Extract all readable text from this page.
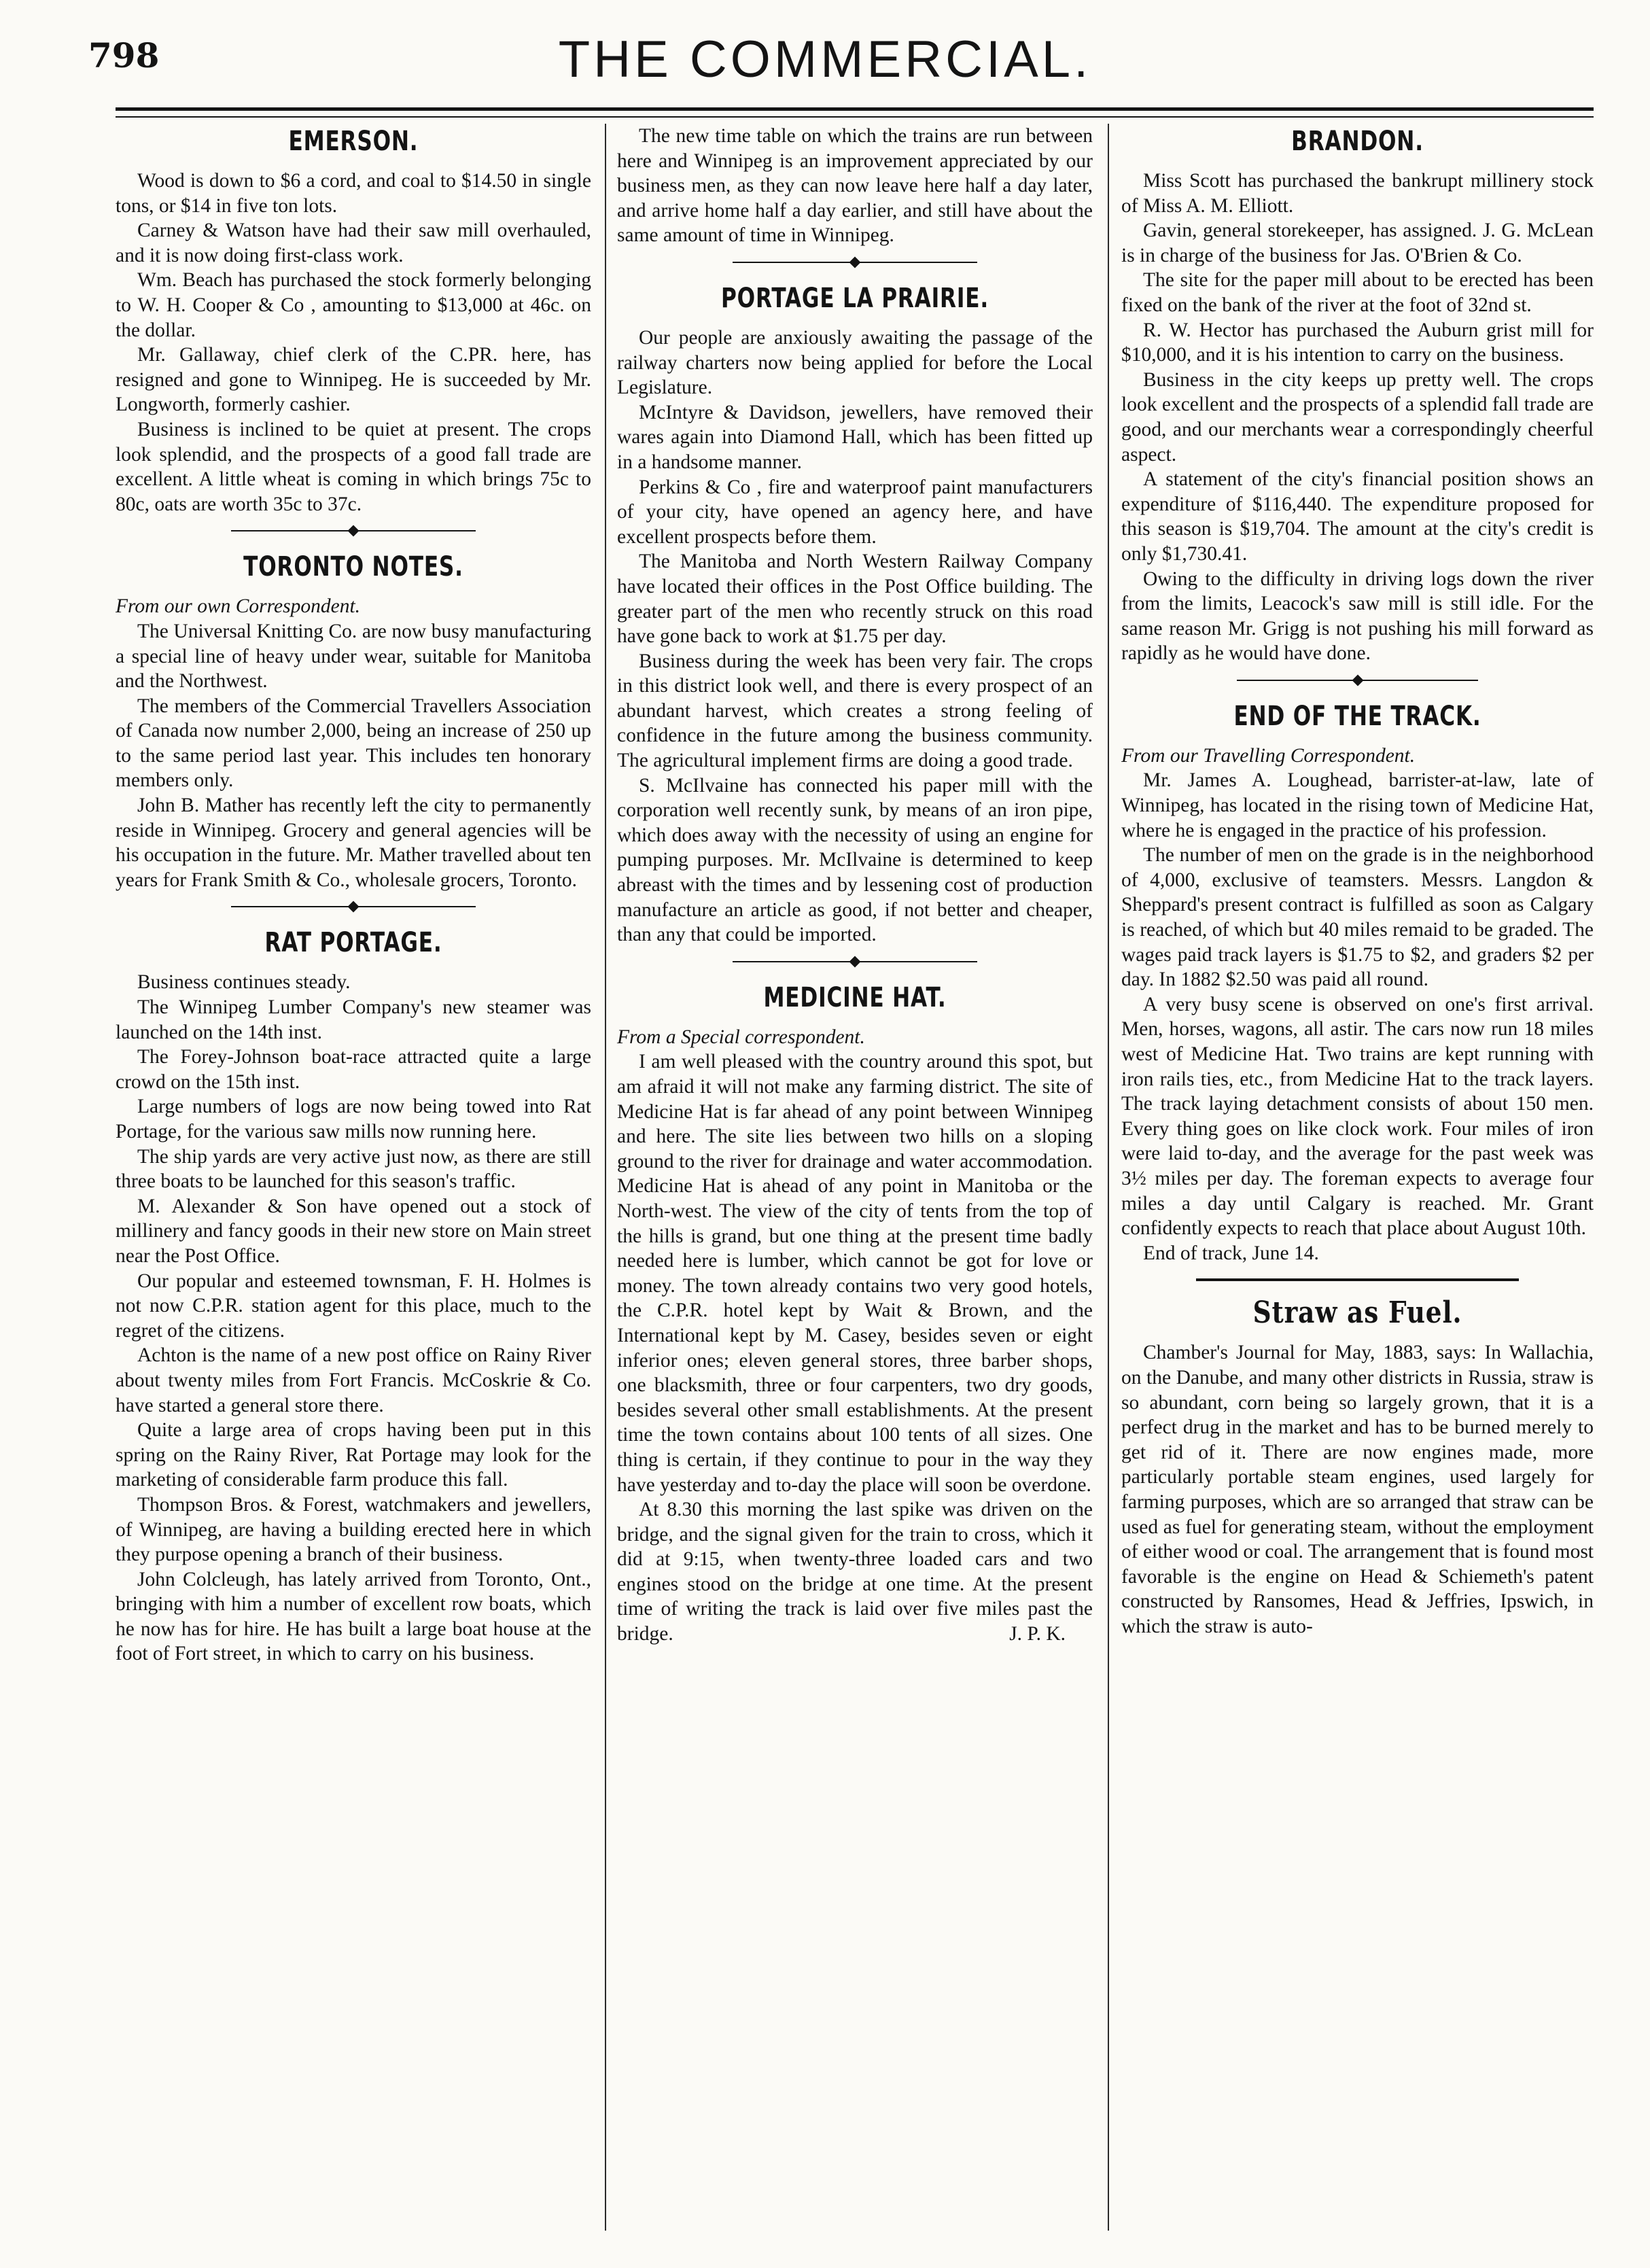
798	THE COMMERCIAL.
EMERSON.

Wood is down to $6 a cord, and coal to $14.50 in single tons, or $14 in five ton lots.

Carney & Watson have had their saw mill overhauled, and it is now doing first-class work.

Wm. Beach has purchased the stock formerly belonging to W. H. Cooper & Co , amounting to $13,000 at 46c. on the dollar.

Mr. Gallaway, chief clerk of the C.PR. here, has resigned and gone to Winnipeg. He is succeeded by Mr. Longworth, formerly cashier.

Business is inclined to be quiet at present. The crops look splendid, and the prospects of a good fall trade are excellent. A little wheat is coming in which brings 75c to 80c, oats are worth 35c to 37c.

TORONTO NOTES.

From our own Correspondent.

The Universal Knitting Co. are now busy manufacturing a special line of heavy under wear, suitable for Manitoba and the Northwest.

The members of the Commercial Travellers Association of Canada now number 2,000, being an increase of 250 up to the same period last year. This includes ten honorary members only.

John B. Mather has recently left the city to permanently reside in Winnipeg. Grocery and general agencies will be his occupation in the future. Mr. Mather travelled about ten years for Frank Smith & Co., wholesale grocers, Toronto.

RAT PORTAGE.

Business continues steady.

The Winnipeg Lumber Company's new steamer was launched on the 14th inst.

The Forey-Johnson boat-race attracted quite a large crowd on the 15th inst.

Large numbers of logs are now being towed into Rat Portage, for the various saw mills now running here.

The ship yards are very active just now, as there are still three boats to be launched for this season's traffic.

M. Alexander & Son have opened out a stock of millinery and fancy goods in their new store on Main street near the Post Office.

Our popular and esteemed townsman, F. H. Holmes is not now C.P.R. station agent for this place, much to the regret of the citizens.

Achton is the name of a new post office on Rainy River about twenty miles from Fort Francis. McCoskrie & Co. have started a general store there.

Quite a large area of crops having been put in this spring on the Rainy River, Rat Portage may look for the marketing of considerable farm produce this fall.

Thompson Bros. & Forest, watchmakers and jewellers, of Winnipeg, are having a building erected here in which they purpose opening a branch of their business.

John Colcleugh, has lately arrived from Toronto, Ont., bringing with him a number of excellent row boats, which he now has for hire. He has built a large boat house at the foot of Fort street, in which to carry on his business.

The new time table on which the trains are run between here and Winnipeg is an improvement appreciated by our business men, as they can now leave here half a day later, and arrive home half a day earlier, and still have about the same amount of time in Winnipeg.

PORTAGE LA PRAIRIE.

Our people are anxiously awaiting the passage of the railway charters now being applied for before the Local Legislature.

McIntyre & Davidson, jewellers, have removed their wares again into Diamond Hall, which has been fitted up in a handsome manner.

Perkins & Co , fire and waterproof paint manufacturers of your city, have opened an agency here, and have excellent prospects before them.

The Manitoba and North Western Railway Company have located their offices in the Post Office building. The greater part of the men who recently struck on this road have gone back to work at $1.75 per day.

Business during the week has been very fair. The crops in this district look well, and there is every prospect of an abundant harvest, which creates a strong feeling of confidence in the future among the business community. The agricultural implement firms are doing a good trade.

S. McIlvaine has connected his paper mill with the corporation well recently sunk, by means of an iron pipe, which does away with the necessity of using an engine for pumping purposes. Mr. McIlvaine is determined to keep abreast with the times and by lessening cost of production manufacture an article as good, if not better and cheaper, than any that could be imported.

MEDICINE HAT.

From a Special correspondent.

I am well pleased with the country around this spot, but am afraid it will not make any farming district. The site of Medicine Hat is far ahead of any point between Winnipeg and here. The site lies between two hills on a sloping ground to the river for drainage and water accommodation. Medicine Hat is ahead of any point in Manitoba or the North-west. The view of the city of tents from the top of the hills is grand, but one thing at the present time badly needed here is lumber, which cannot be got for love or money. The town already contains two very good hotels, the C.P.R. hotel kept by Wait & Brown, and the International kept by M. Casey, besides seven or eight inferior ones; eleven general stores, three barber shops, one blacksmith, three or four carpenters, two dry goods, besides several other small establishments. At the present time the town contains about 100 tents of all sizes. One thing is certain, if they continue to pour in the way they have yesterday and to-day the place will soon be overdone.

At 8.30 this morning the last spike was driven on the bridge, and the signal given for the train to cross, which it did at 9:15, when twenty-three loaded cars and two engines stood on the bridge at one time. At the present time of writing the track is laid over five miles past the bridge.	J. P. K.

BRANDON.

Miss Scott has purchased the bankrupt millinery stock of Miss A. M. Elliott.

Gavin, general storekeeper, has assigned. J. G. McLean is in charge of the business for Jas. O'Brien & Co.

The site for the paper mill about to be erected has been fixed on the bank of the river at the foot of 32nd st.

R. W. Hector has purchased the Auburn grist mill for $10,000, and it is his intention to carry on the business.

Business in the city keeps up pretty well. The crops look excellent and the prospects of a splendid fall trade are good, and our merchants wear a correspondingly cheerful aspect.

A statement of the city's financial position shows an expenditure of $116,440. The expenditure proposed for this season is $19,704. The amount at the city's credit is only $1,730.41.

Owing to the difficulty in driving logs down the river from the limits, Leacock's saw mill is still idle. For the same reason Mr. Grigg is not pushing his mill forward as rapidly as he would have done.

END OF THE TRACK.

From our Travelling Correspondent.

Mr. James A. Loughead, barrister-at-law, late of Winnipeg, has located in the rising town of Medicine Hat, where he is engaged in the practice of his profession.

The number of men on the grade is in the neighborhood of 4,000, exclusive of teamsters. Messrs. Langdon & Sheppard's present contract is fulfilled as soon as Calgary is reached, of which but 40 miles remaid to be graded. The wages paid track layers is $1.75 to $2, and graders $2 per day. In 1882 $2.50 was paid all round.

A very busy scene is observed on one's first arrival. Men, horses, wagons, all astir. The cars now run 18 miles west of Medicine Hat. Two trains are kept running with iron rails ties, etc., from Medicine Hat to the track layers. The track laying detachment consists of about 150 men. Every thing goes on like clock work. Four miles of iron were laid to-day, and the average for the past week was 3½ miles per day. The foreman expects to average four miles a day until Calgary is reached. Mr. Grant confidently expects to reach that place about August 10th.

End of track, June 14.

Straw as Fuel.

Chamber's Journal for May, 1883, says: In Wallachia, on the Danube, and many other districts in Russia, straw is so abundant, corn being so largely grown, that it is a perfect drug in the market and has to be burned merely to get rid of it. There are now engines made, more particularly portable steam engines, used largely for farming purposes, which are so arranged that straw can be used as fuel for generating steam, without the employment of either wood or coal. The arrangement that is found most favorable is the engine on Head & Schiemeth's patent constructed by Ransomes, Head & Jeffries, Ipswich, in which the straw is auto-
